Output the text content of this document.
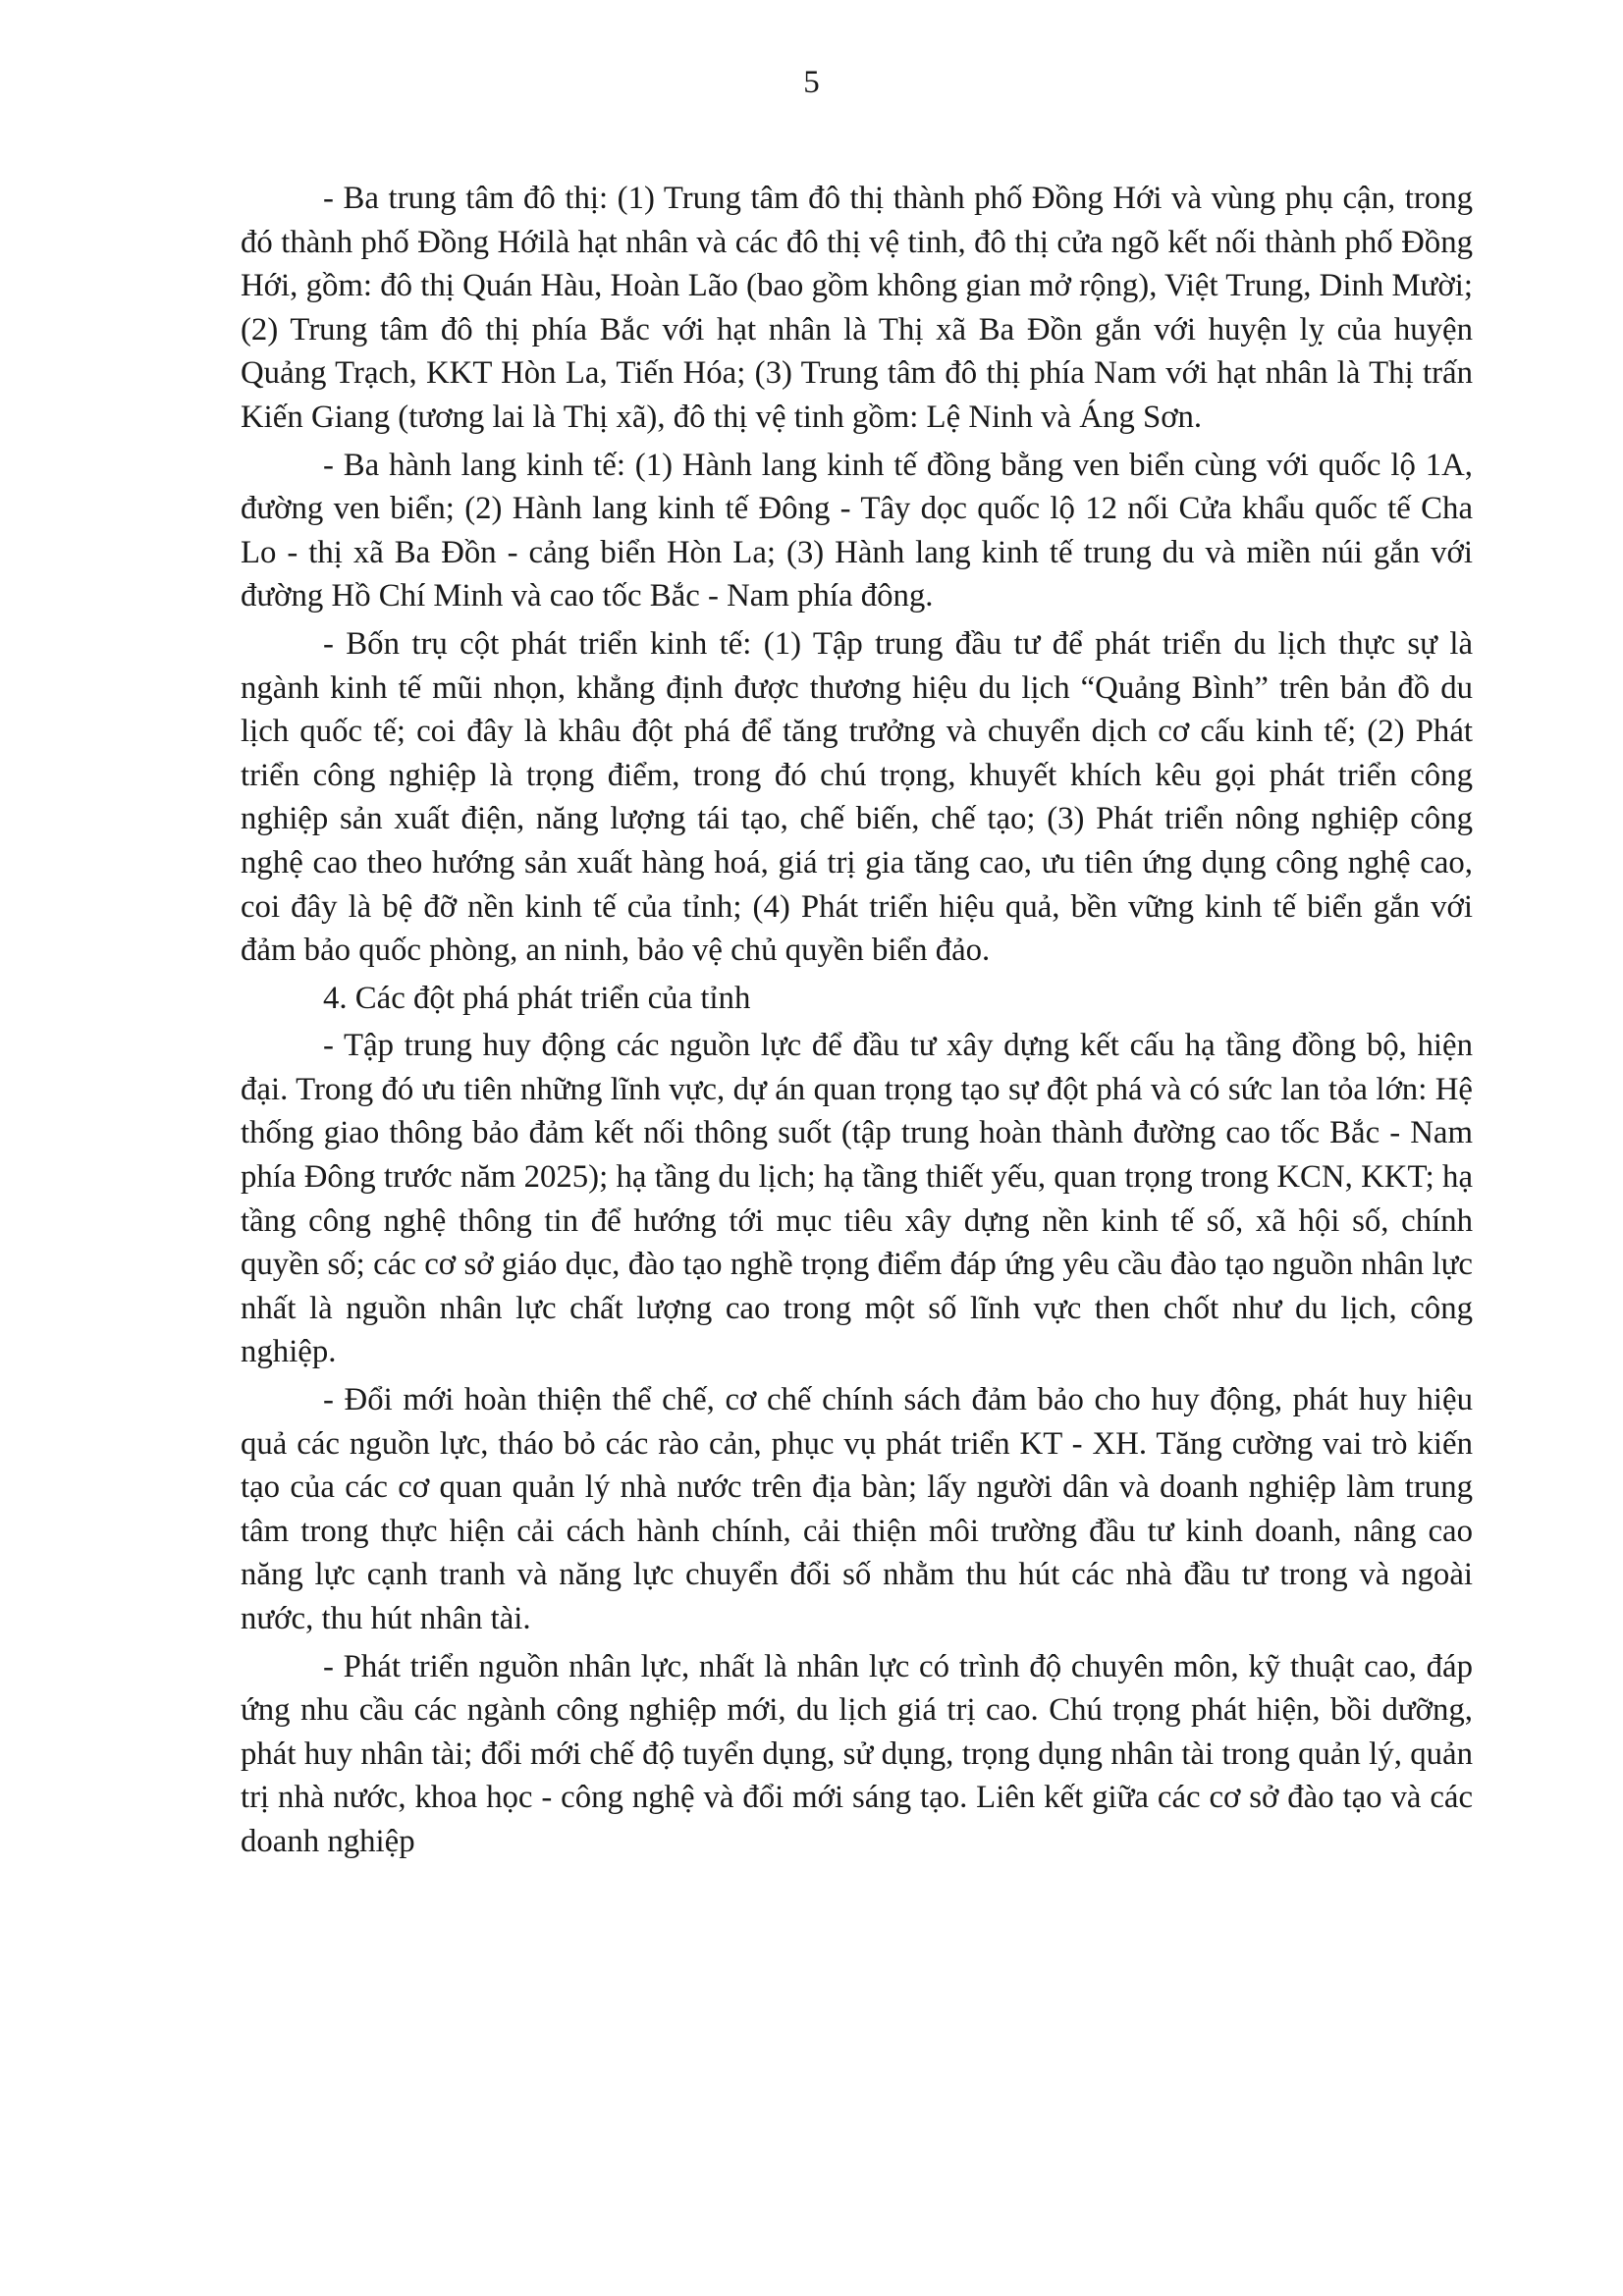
5

- Ba trung tâm đô thị: (1) Trung tâm đô thị thành phố Đồng Hới và vùng phụ cận, trong đó thành phố Đồng Hớilà hạt nhân và các đô thị vệ tinh, đô thị cửa ngõ kết nối thành phố Đồng Hới, gồm: đô thị Quán Hàu, Hoàn Lão (bao gồm không gian mở rộng), Việt Trung, Dinh Mười; (2) Trung tâm đô thị phía Bắc với hạt nhân là Thị xã Ba Đồn gắn với huyện lỵ của huyện Quảng Trạch, KKT Hòn La, Tiến Hóa; (3) Trung tâm đô thị phía Nam với hạt nhân là Thị trấn Kiến Giang (tương lai là Thị xã), đô thị vệ tinh gồm: Lệ Ninh và Áng Sơn.

- Ba hành lang kinh tế: (1) Hành lang kinh tế đồng bằng ven biển cùng với quốc lộ 1A, đường ven biển; (2) Hành lang kinh tế Đông - Tây dọc quốc lộ 12 nối Cửa khẩu quốc tế Cha Lo - thị xã Ba Đồn - cảng biển Hòn La; (3) Hành lang kinh tế trung du và miền núi gắn với đường Hồ Chí Minh và cao tốc Bắc - Nam phía đông.

- Bốn trụ cột phát triển kinh tế: (1) Tập trung đầu tư để phát triển du lịch thực sự là ngành kinh tế mũi nhọn, khẳng định được thương hiệu du lịch “Quảng Bình” trên bản đồ du lịch quốc tế; coi đây là khâu đột phá để tăng trưởng và chuyển dịch cơ cấu kinh tế; (2) Phát triển công nghiệp là trọng điểm, trong đó chú trọng, khuyết khích kêu gọi phát triển công nghiệp sản xuất điện, năng lượng tái tạo, chế biến, chế tạo; (3) Phát triển nông nghiệp công nghệ cao theo hướng sản xuất hàng hoá, giá trị gia tăng cao, ưu tiên ứng dụng công nghệ cao, coi đây là bệ đỡ nền kinh tế của tỉnh; (4) Phát triển hiệu quả, bền vững kinh tế biển gắn với đảm bảo quốc phòng, an ninh, bảo vệ chủ quyền biển đảo.

4. Các đột phá phát triển của tỉnh

- Tập trung huy động các nguồn lực để đầu tư xây dựng kết cấu hạ tầng đồng bộ, hiện đại. Trong đó ưu tiên những lĩnh vực, dự án quan trọng tạo sự đột phá và có sức lan tỏa lớn: Hệ thống giao thông bảo đảm kết nối thông suốt (tập trung hoàn thành đường cao tốc Bắc - Nam phía Đông trước năm 2025); hạ tầng du lịch; hạ tầng thiết yếu, quan trọng trong KCN, KKT; hạ tầng công nghệ thông tin để hướng tới mục tiêu xây dựng nền kinh tế số, xã hội số, chính quyền số; các cơ sở giáo dục, đào tạo nghề trọng điểm đáp ứng yêu cầu đào tạo nguồn nhân lực nhất là nguồn nhân lực chất lượng cao trong một số lĩnh vực then chốt như du lịch, công nghiệp.

- Đổi mới hoàn thiện thể chế, cơ chế chính sách đảm bảo cho huy động, phát huy hiệu quả các nguồn lực, tháo bỏ các rào cản, phục vụ phát triển KT - XH. Tăng cường vai trò kiến tạo của các cơ quan quản lý nhà nước trên địa bàn; lấy người dân và doanh nghiệp làm trung tâm trong thực hiện cải cách hành chính, cải thiện môi trường đầu tư kinh doanh, nâng cao năng lực cạnh tranh và năng lực chuyển đổi số nhằm thu hút các nhà đầu tư trong và ngoài nước, thu hút nhân tài.

- Phát triển nguồn nhân lực, nhất là nhân lực có trình độ chuyên môn, kỹ thuật cao, đáp ứng nhu cầu các ngành công nghiệp mới, du lịch giá trị cao. Chú trọng phát hiện, bồi dưỡng, phát huy nhân tài; đổi mới chế độ tuyển dụng, sử dụng, trọng dụng nhân tài trong quản lý, quản trị nhà nước, khoa học - công nghệ và đổi mới sáng tạo. Liên kết giữa các cơ sở đào tạo và các doanh nghiệp
